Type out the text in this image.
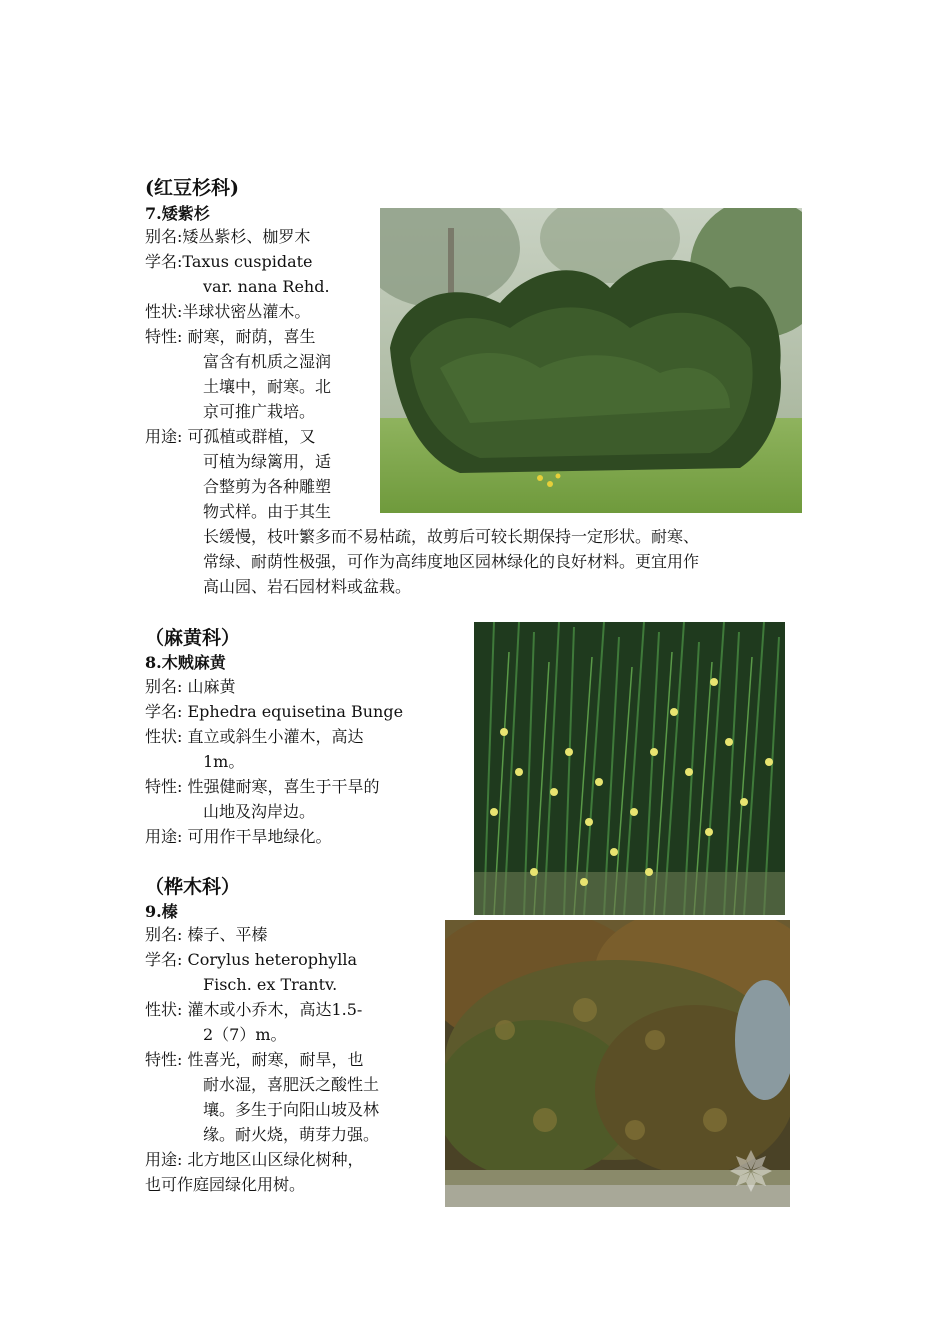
(红豆杉科)
7.矮紫杉
别名:矮丛紫杉、枷罗木
学名:Taxus cuspidate
var. nana Rehd.
性状:半球状密丛灌木。
特性: 耐寒，耐荫，喜生
富含有机质之湿润
土壤中，耐寒。北
京可推广栽培。
用途: 可孤植或群植，又
可植为绿篱用，适
合整剪为各种雕塑
物式样。由于其生
长缓慢，枝叶繁多而不易枯疏，故剪后可较长期保持一定形状。耐寒、
常绿、耐荫性极强，可作为高纬度地区园林绿化的良好材料。更宜用作
高山园、岩石园材料或盆栽。
（麻黄科）
8.木贼麻黄
别名: 山麻黄
学名: Ephedra equisetina Bunge
性状: 直立或斜生小灌木，高达
1m。
特性: 性强健耐寒，喜生于干旱的
山地及沟岸边。
用途: 可用作干旱地绿化。
（桦木科）
9.榛
别名: 榛子、平榛
学名: Corylus heterophylla
Fisch. ex Trantv.
性状: 灌木或小乔木，高达1.5-
2（7）m。
特性: 性喜光，耐寒，耐旱，也
耐水湿，喜肥沃之酸性土
壤。多生于向阳山坡及林
缘。耐火烧，萌芽力强。
用途: 北方地区山区绿化树种，
也可作庭园绿化用树。
